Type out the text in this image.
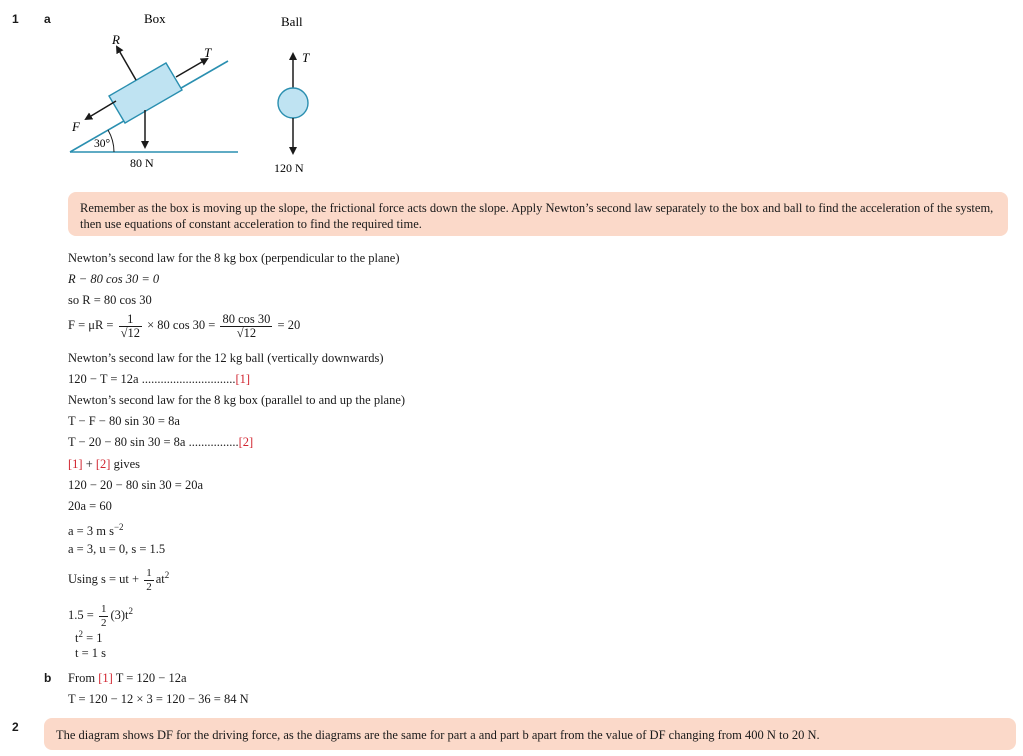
1 a	Box	Ball
30°
R
T
F
80 N
T
120 N
Remember as the box is moving up the slope, the frictional force acts down the slope. Apply Newton’s second law separately to the box and ball to find the acceleration of the system, then use equations of constant acceleration to find the required time.
Newton’s second law for the 8 kg box (perpendicular to the plane)
R − 80 cos 30 = 0
so R = 80 cos 30
$F = \mu R = \frac{1}{√12} \times 80$ $\cos 30 = \frac{80 \cos 30}{√12} = 20$
Newton’s second law for the 12 kg ball (vertically downwards)
120 − T = 12a ..............................[1]
Newton’s second law for the 8 kg box (parallel to and up the plane)
T − F − 80 sin 30 = 8a
T − 20 − 80 sin 30 = 8a ................[2]
[1] + [2] gives
120 − 20 − 80 sin 30 = 20a
20a = 60
a = 3 m $s^{-2}$
a = 3, u = 0, s = 1.5
Using s = ut + $\frac{1}{2} at^2$
$1.5 = \frac{1}{2} (3)t^2$
$t^2 = 1$
t = 1 s
b From [1] T = 120 − 12a
T = 120 − 12 × 3 = 120 − 36 = 84 N
2
The diagram shows DF for the driving force, as the diagrams are the same for part a and part b apart from the value of DF changing from 400 N to 20 N.
